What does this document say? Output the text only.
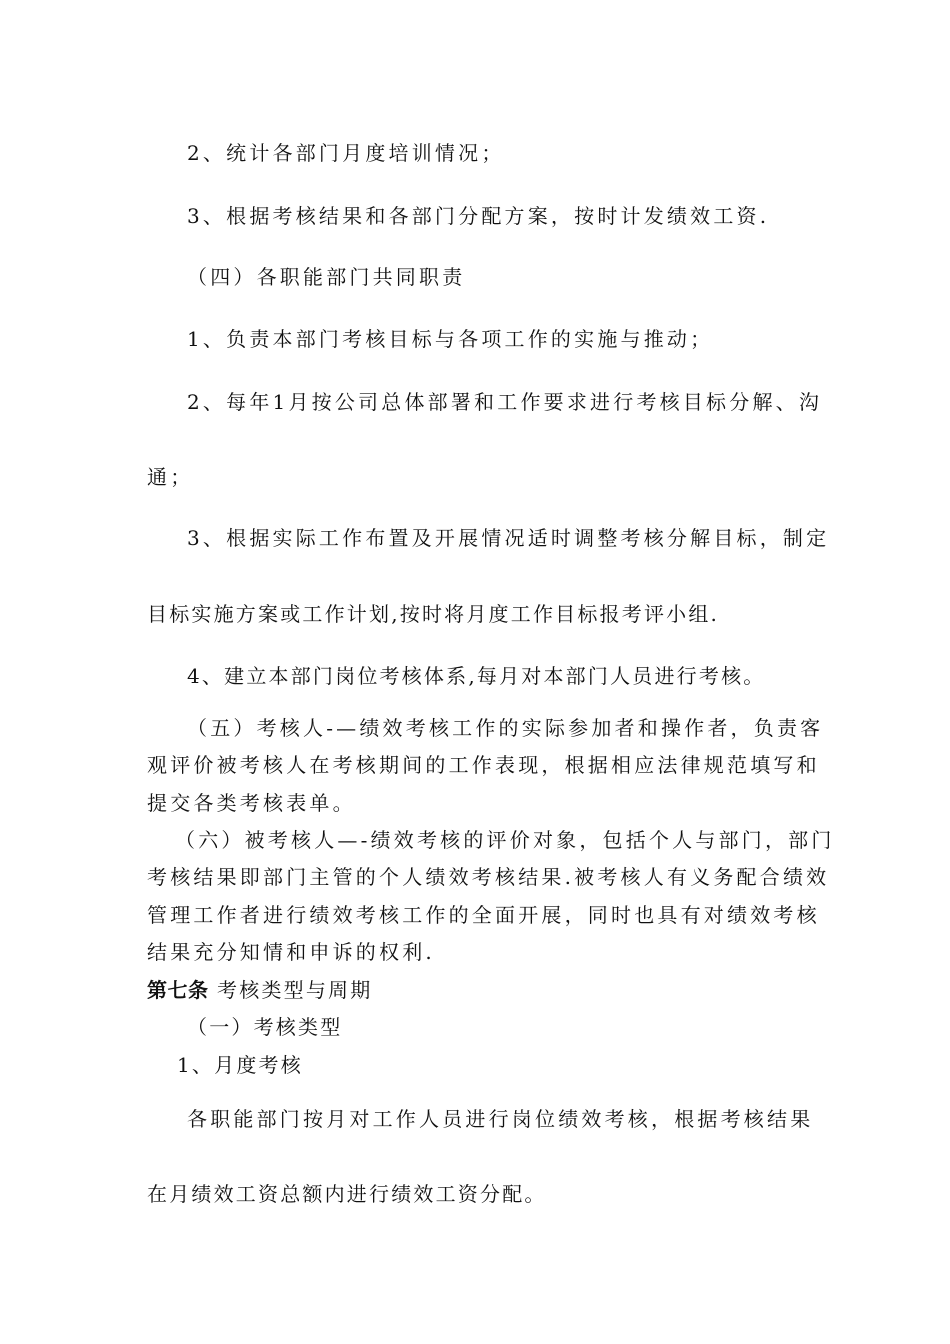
2、统计各部门月度培训情况；
3、根据考核结果和各部门分配方案，按时计发绩效工资.
（四）各职能部门共同职责
1、负责本部门考核目标与各项工作的实施与推动；
2、每年1月按公司总体部署和工作要求进行考核目标分解、沟
通；
3、根据实际工作布置及开展情况适时调整考核分解目标，制定
目标实施方案或工作计划,按时将月度工作目标报考评小组.
4、建立本部门岗位考核体系,每月对本部门人员进行考核。
（五）考核人-—绩效考核工作的实际参加者和操作者，负责客
观评价被考核人在考核期间的工作表现，根据相应法律规范填写和
提交各类考核表单。
（六）被考核人—-绩效考核的评价对象，包括个人与部门，部门
考核结果即部门主管的个人绩效考核结果.被考核人有义务配合绩效
管理工作者进行绩效考核工作的全面开展，同时也具有对绩效考核
结果充分知情和申诉的权利.
第七条 考核类型与周期
（一）考核类型
1、月度考核
各职能部门按月对工作人员进行岗位绩效考核，根据考核结果
在月绩效工资总额内进行绩效工资分配。
